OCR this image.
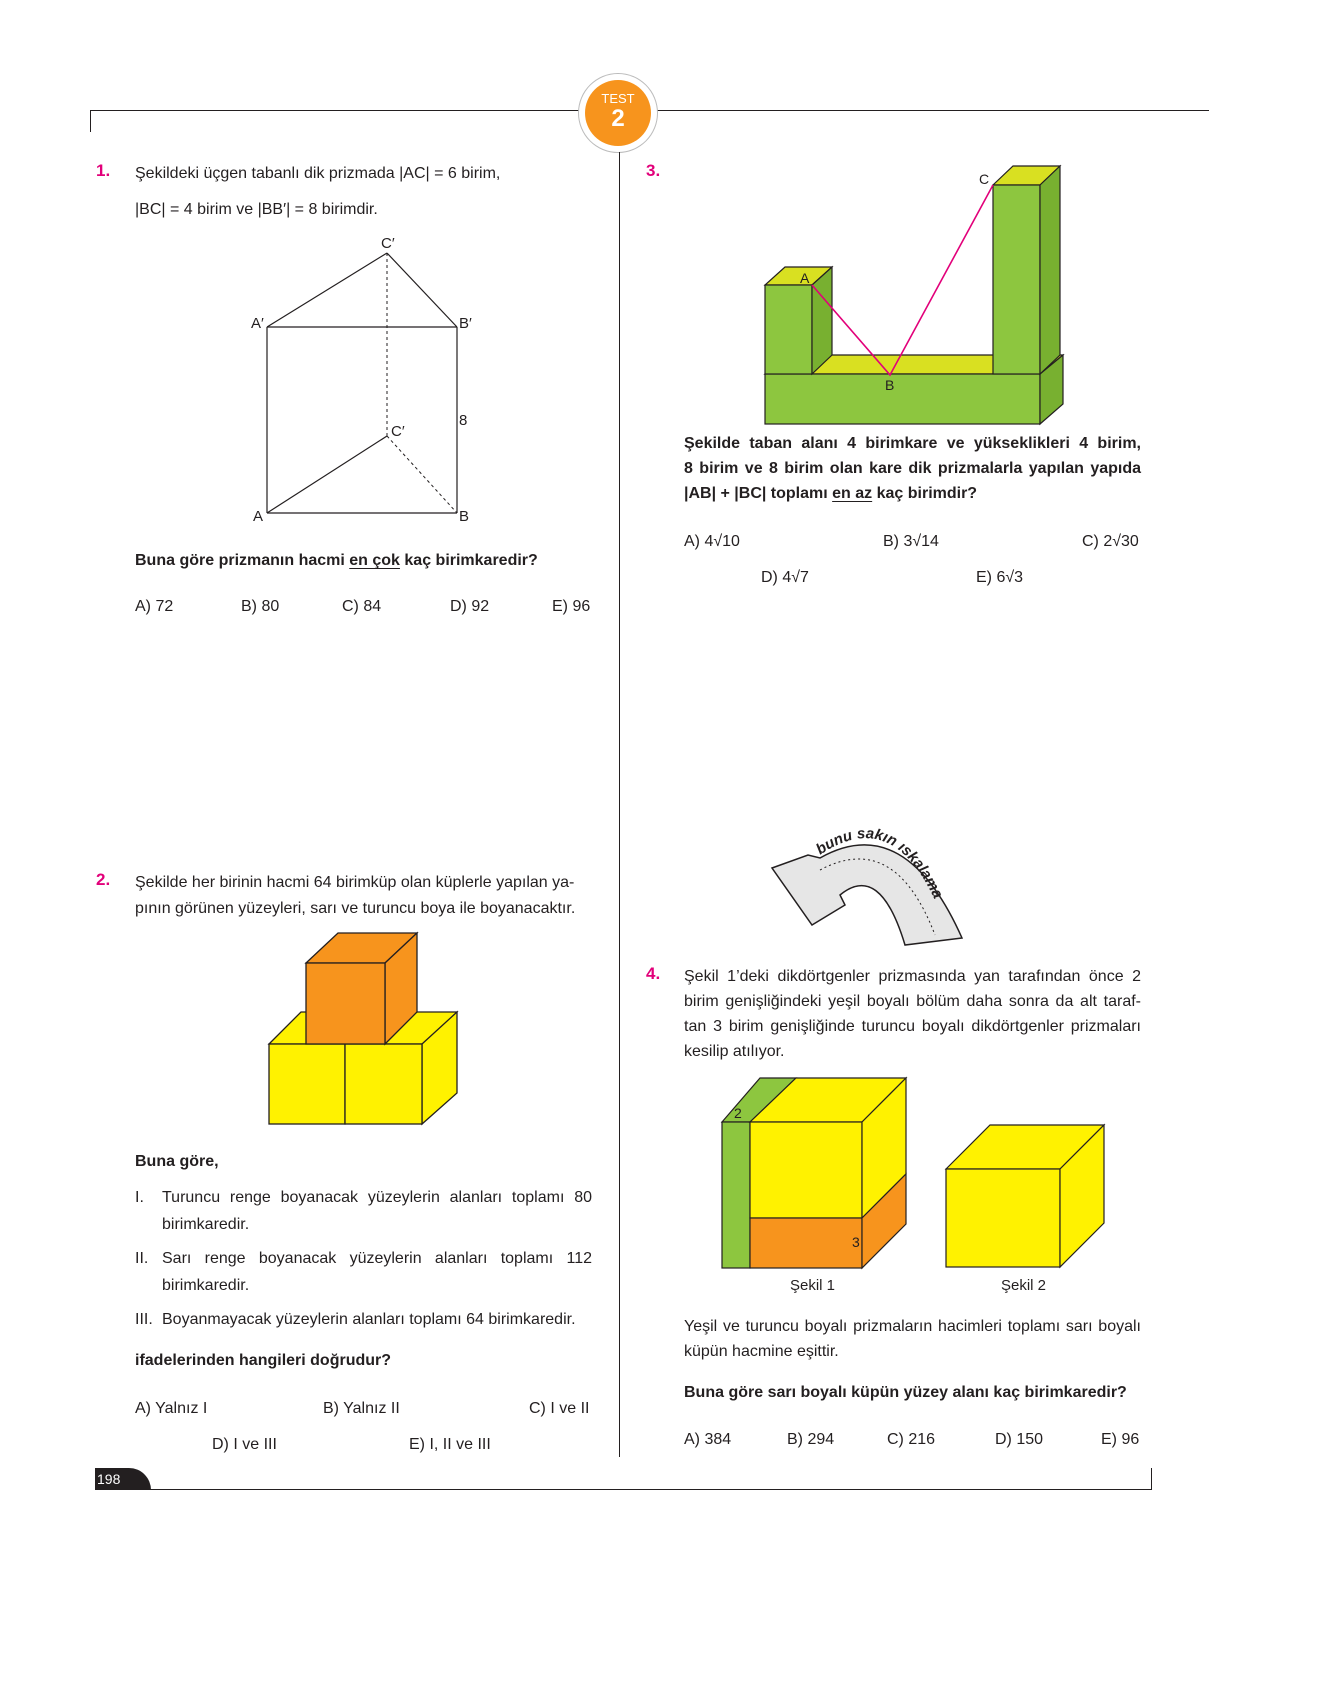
TEST
2
1. Şekildeki üçgen tabanlı dik prizmada |AC| = 6 birim,
|BC| = 4 birim ve |BB′| = 8 birimdir.
C′
A′	B′
C′
8
A	B
Buna göre prizmanın hacmi en çok kaç birimkaredir?
A) 72	B) 80	C) 84	D) 92	E) 96
2. Şekilde her birinin hacmi 64 birimküp olan küplerle yapılan ya-
pının görünen yüzeyleri, sarı ve turuncu boya ile boyanacaktır.
Buna göre,
I. Turuncu renge boyanacak yüzeylerin alanları toplamı 80 birimkaredir.
II. Sarı renge boyanacak yüzeylerin alanları toplamı 112 birimkaredir.
III. Boyanmayacak yüzeylerin alanları toplamı 64 birimkaredir.
ifadelerinden hangileri doğrudur?
A) Yalnız I	B) Yalnız II	C) I ve II
D) I ve III	E) I, II ve III
3.
A
B
C
Şekilde taban alanı 4 birimkare ve yükseklikleri 4 birim,
8 birim ve 8 birim olan kare dik prizmalarla yapılan yapıda
|AB| + |BC| toplamı en az kaç birimdir?
A) 4√10	B) 3√14	C) 2√30
D) 4√7	E) 6√3
bunu sakın ıskalama
4. Şekil 1’deki dikdörtgenler prizmasında yan tarafından önce 2
birim genişliğindeki yeşil boyalı bölüm daha sonra da alt taraf-
tan 3 birim genişliğinde turuncu boyalı dikdörtgenler prizmaları
kesilip atılıyor.
2
3
Şekil 1	Şekil 2
Yeşil ve turuncu boyalı prizmaların hacimleri toplamı sarı boyalı
küpün hacmine eşittir.
Buna göre sarı boyalı küpün yüzey alanı kaç birimkaredir?
A) 384	B) 294	C) 216	D) 150	E) 96
198
